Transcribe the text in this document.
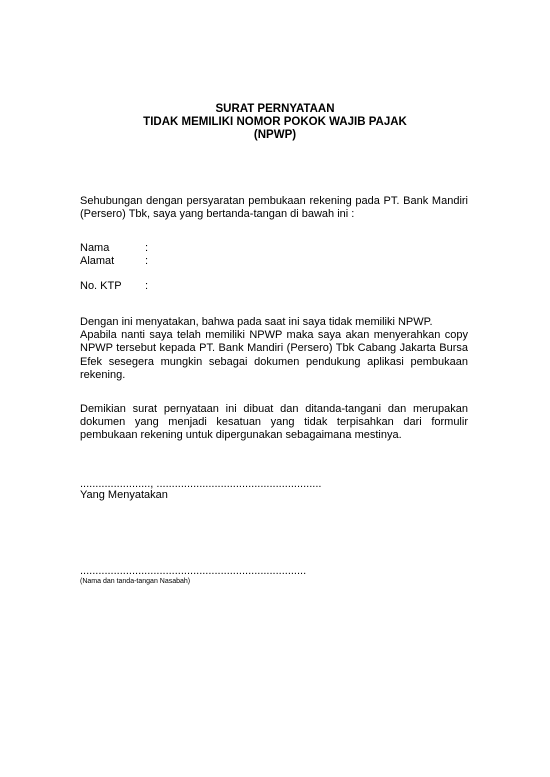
SURAT PERNYATAAN
TIDAK MEMILIKI NOMOR POKOK WAJIB PAJAK
(NPWP)
Sehubungan dengan persyaratan pembukaan rekening pada PT. Bank Mandiri (Persero) Tbk, saya yang bertanda-tangan di bawah ini :
Nama	:
Alamat	:
No. KTP :
Dengan ini menyatakan, bahwa pada saat ini saya tidak memiliki NPWP.
Apabila nanti saya telah memiliki NPWP maka saya akan menyerahkan copy NPWP tersebut kepada PT. Bank Mandiri (Persero) Tbk Cabang Jakarta Bursa Efek sesegera mungkin sebagai dokumen pendukung aplikasi pembukaan rekening.
Demikian surat pernyataan ini dibuat dan ditanda-tangani dan merupakan dokumen yang menjadi kesatuan yang tidak terpisahkan dari formulir pembukaan rekening untuk dipergunakan sebagaimana mestinya.
......................., ......................................................
Yang Menyatakan
..........................................................................
(Nama dan tanda-tangan Nasabah)
